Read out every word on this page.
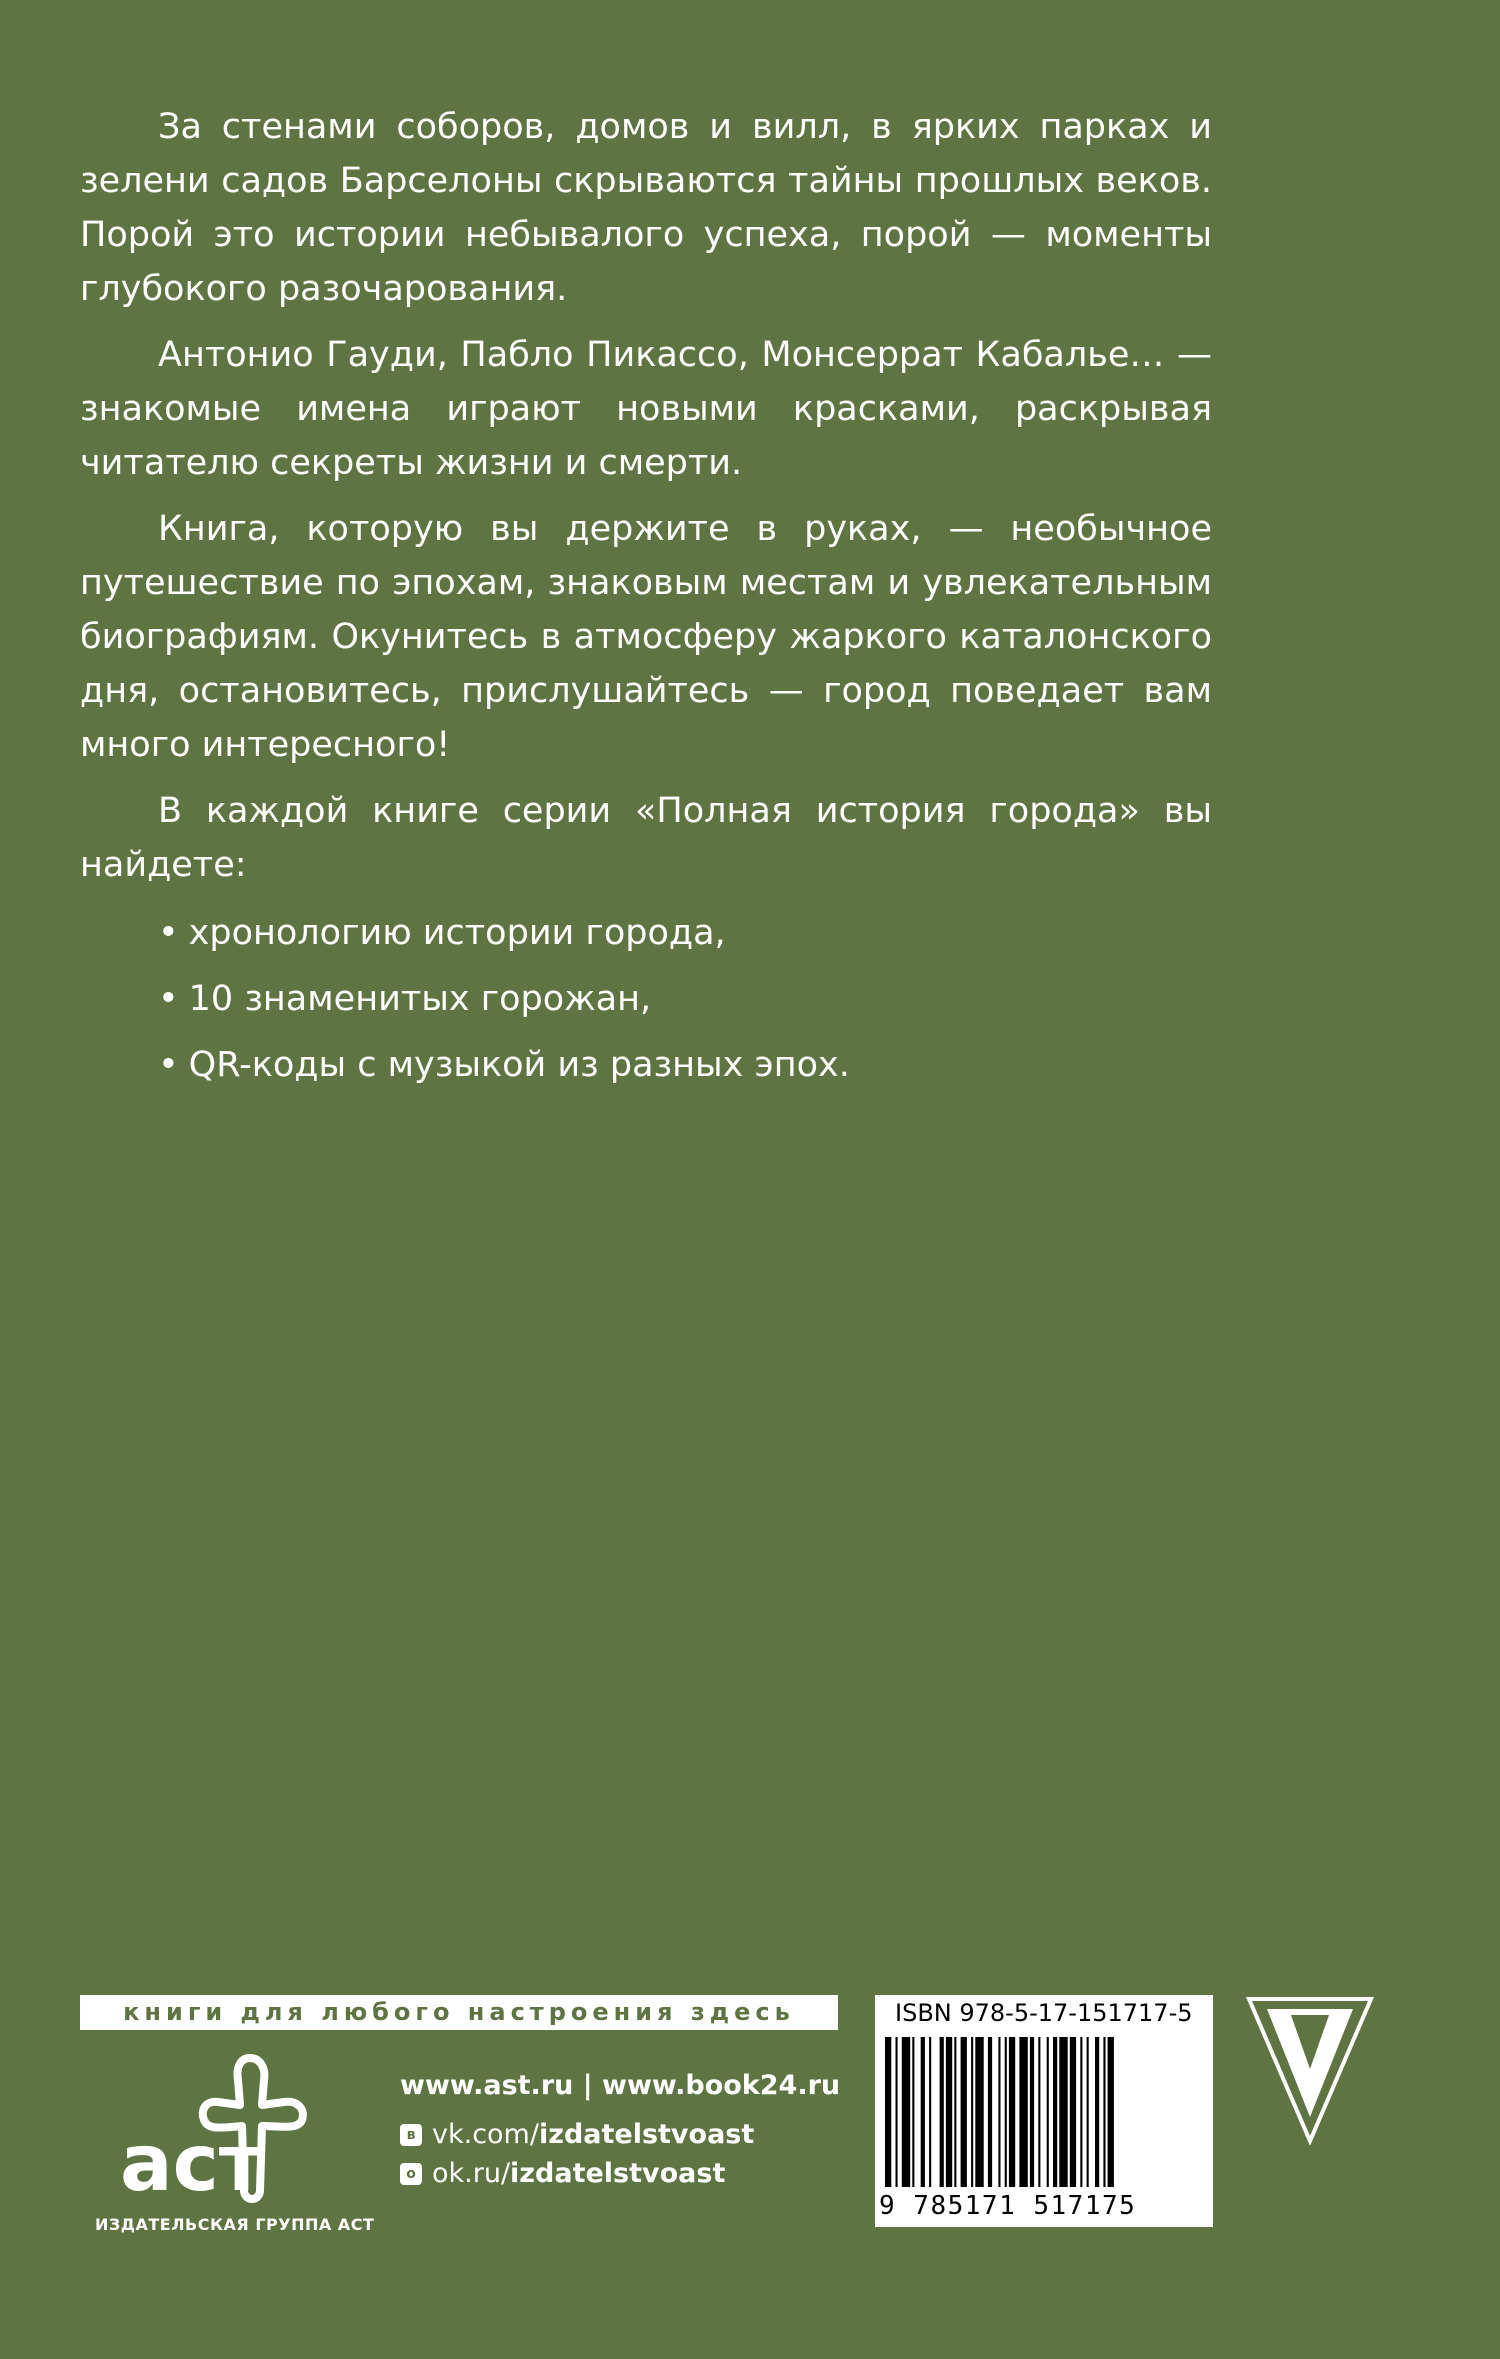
За стенами соборов, домов и вилл, в ярких парках и зелени садов Барселоны скрываются тайны прошлых веков. Порой это истории небывалого успеха, порой — моменты глубокого разочарования.

Антонио Гауди, Пабло Пикассо, Монсеррат Кабалье… — знакомые имена играют новыми красками, раскрывая читателю секреты жизни и смерти.

Книга, которую вы держите в руках, — необычное путешествие по эпохам, знаковым местам и увлекательным биографиям. Окунитесь в атмосферу жаркого каталонского дня, остановитесь, прислушайтесь — город поведает вам много интересного!

В каждой книге серии «Полная история города» вы найдете:

• хронологию истории города,
• 10 знаменитых горожан,
• QR-коды с музыкой из разных эпох.
книги для любого настроения здесь
аст
ИЗДАТЕЛЬСКАЯ ГРУППА АСТ
www.ast.ru | www.book24.ru
в vk.com/ izdatelstvoast
о ok.ru/ izdatelstvoast
ISBN 978-5-17-151717-5
9 785171 517175
